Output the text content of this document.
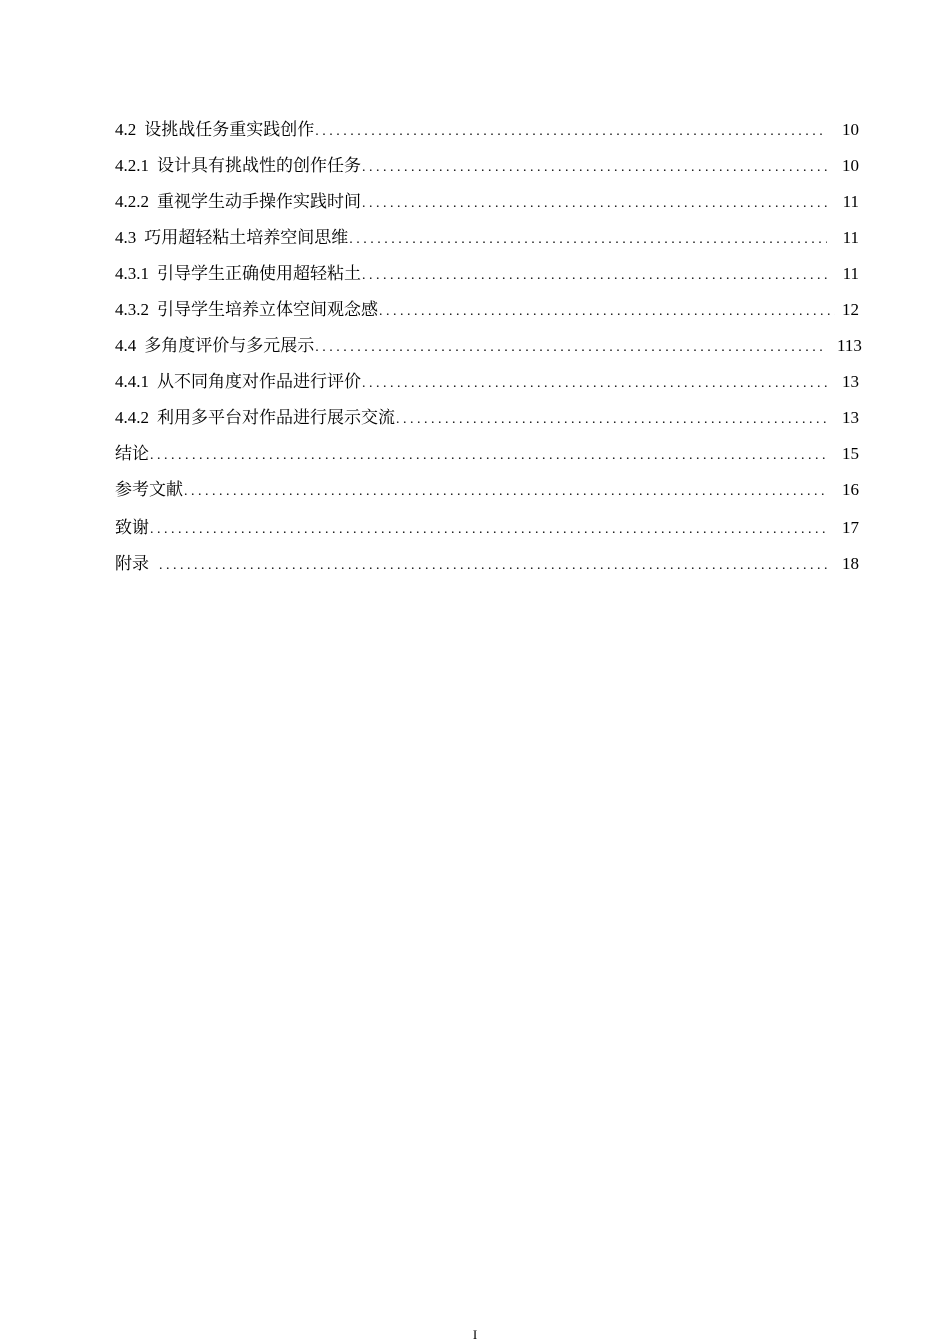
4.2 设挑战任务重实践创作 . . .	10
4.2.1 设计具有挑战性的创作任务 . . .	10
4.2.2 重视学生动手操作实践时间 . . .	11
4.3 巧用超轻粘土培养空间思维 . . .	11
4.3.1 引导学生正确使用超轻粘土 . . .	11
4.3.2 引导学生培养立体空间观念感 . . .	12
4.4 多角度评价与多元展示 . . .	113
4.4.1 从不同角度对作品进行评价 . . .	13
4.4.2 利用多平台对作品进行展示交流 . . .	13
结论 . . .	15
参考文献 . . .	16
致谢 . . .	17
附录 . . .	18
I
